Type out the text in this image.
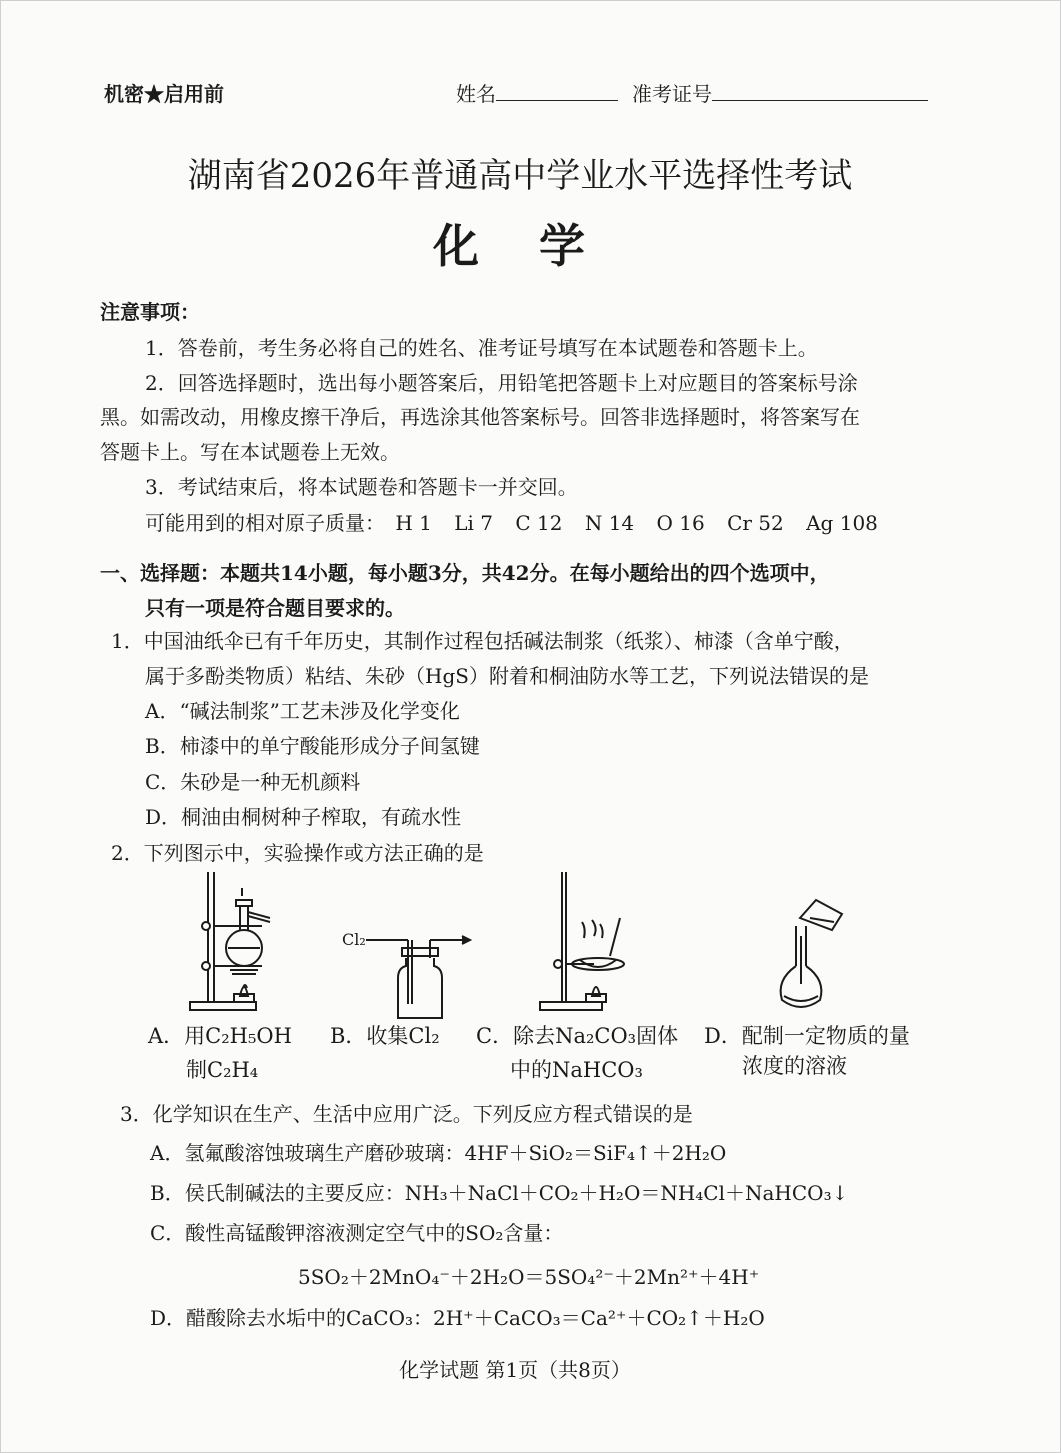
机密★启用前	姓名	准考证号
湖南省2026年普通高中学业水平选择性考试
化 学
注意事项：
1．答卷前，考生务必将自己的姓名、准考证号填写在本试题卷和答题卡上。
2．回答选择题时，选出每小题答案后，用铅笔把答题卡上对应题目的答案标号涂
黑。如需改动，用橡皮擦干净后，再选涂其他答案标号。回答非选择题时，将答案写在
答题卡上。写在本试题卷上无效。
3．考试结束后，将本试题卷和答题卡一并交回。
可能用到的相对原子质量： H 1 Li 7 C 12 N 14 O 16 Cr 52 Ag 108
一、选择题：本题共14小题，每小题3分，共42分。在每小题给出的四个选项中，
只有一项是符合题目要求的。
1．中国油纸伞已有千年历史，其制作过程包括碱法制浆（纸浆）、柿漆（含单宁酸，
属于多酚类物质）粘结、朱砂（HgS）附着和桐油防水等工艺，下列说法错误的是
A．“碱法制浆”工艺未涉及化学变化
B．柿漆中的单宁酸能形成分子间氢键
C．朱砂是一种无机颜料
D．桐油由桐树种子榨取，有疏水性
2．下列图示中，实验操作或方法正确的是
Cl₂
A．用C₂H₅OH
制C₂H₄
B．收集Cl₂ C．除去Na₂CO₃固体
中的NaHCO₃
D．配制一定物质的量
浓度的溶液
3．化学知识在生产、生活中应用广泛。下列反应方程式错误的是
A．氢氟酸溶蚀玻璃生产磨砂玻璃：4HF＋SiO₂＝SiF₄↑＋2H₂O
B．侯氏制碱法的主要反应：NH₃＋NaCl＋CO₂＋H₂O＝NH₄Cl＋NaHCO₃↓
C．酸性高锰酸钾溶液测定空气中的SO₂含量：
5SO₂＋2MnO₄⁻＋2H₂O＝5SO₄²⁻＋2Mn²⁺＋4H⁺
D．醋酸除去水垢中的CaCO₃：2H⁺＋CaCO₃＝Ca²⁺＋CO₂↑＋H₂O
化学试题 第1页（共8页）
